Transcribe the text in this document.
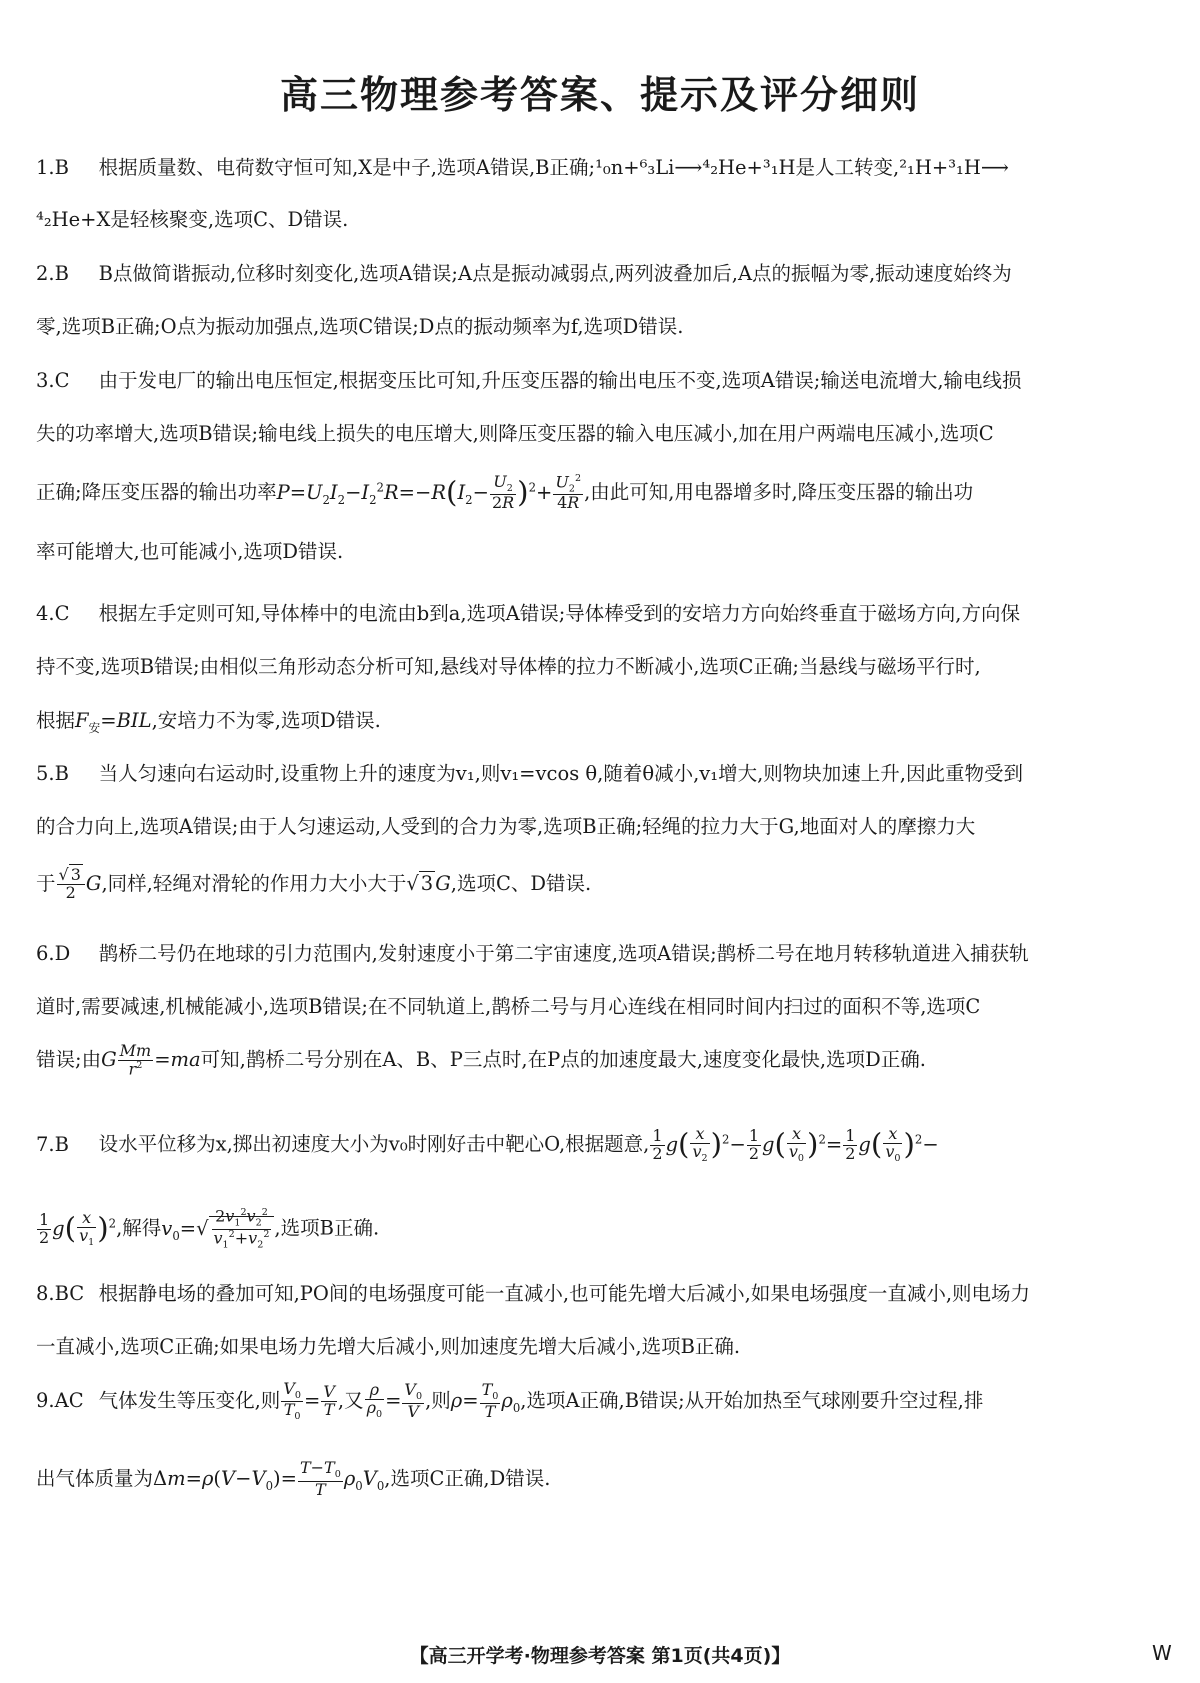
高三物理参考答案、提示及评分细则
1.B 根据质量数、电荷数守恒可知,X是中子,选项A错误,B正确;¹₀n+⁶₃Li⟶⁴₂He+³₁H是人工转变,²₁H+³₁H⟶
⁴₂He+X是轻核聚变,选项C、D错误.
2.B B点做简谐振动,位移时刻变化,选项A错误;A点是振动减弱点,两列波叠加后,A点的振幅为零,振动速度始终为
零,选项B正确;O点为振动加强点,选项C错误;D点的振动频率为f,选项D错误.
3.C 由于发电厂的输出电压恒定,根据变压比可知,升压变压器的输出电压不变,选项A错误;输送电流增大,输电线损
失的功率增大,选项B错误;输电线上损失的电压增大,则降压变压器的输入电压减小,加在用户两端电压减小,选项C
正确;降压变压器的输出功率$P=U_2I_2-I_2^2R=-R(I_2- \frac{U_2}{2R} )^2+ \frac{U_2^2}{4R}$ ,由此可知,用电器增多时,降压变压器的输出功
率可能增大,也可能减小,选项D错误.
4.C 根据左手定则可知,导体棒中的电流由b到a,选项A错误;导体棒受到的安培力方向始终垂直于磁场方向,方向保
持不变,选项B错误;由相似三角形动态分析可知,悬线对导体棒的拉力不断减小,选项C正确;当悬线与磁场平行时,
根据$F_安=BIL$,安培力不为零,选项D错误.
5.B 当人匀速向右运动时,设重物上升的速度为v₁,则v₁=vcos θ,随着θ减小,v₁增大,则物块加速上升,因此重物受到
的合力向上,选项A错误;由于人匀速运动,人受到的合力为零,选项B正确;轻绳的拉力大于G,地面对人的摩擦力大
于 $\frac{√ 3}{2} G$,同样,轻绳对滑轮的作用力大小大于√ 3 G,选项C、D错误.
6.D 鹊桥二号仍在地球的引力范围内,发射速度小于第二宇宙速度,选项A错误;鹊桥二号在地月转移轨道进入捕获轨
道时,需要减速,机械能减小,选项B错误;在不同轨道上,鹊桥二号与月心连线在相同时间内扫过的面积不等,选项C
错误;由G $\frac{Mm}{r^2} =ma$可知,鹊桥二号分别在A、B、P三点时,在P点的加速度最大,速度变化最快,选项D正确.
7.B 设水平位移为x,掷出初速度大小为v₀时刚好击中靶心O,根据题意, $\frac{1}{2} g( \frac{x}{v_2} )^2- \frac{1}{2} g( \frac{x}{v_0} )^2= \frac{1}{2} g( \frac{x}{v_0} )^2-$
$\frac{1}{2} g( \frac{x}{v_1} )^2$,解得$v_0=√ \frac{2v_1^2v_2^2}{v_1^2+v_2^2}$ ,选项B正确.
8.BC 根据静电场的叠加可知,PO间的电场强度可能一直减小,也可能先增大后减小,如果电场强度一直减小,则电场力
一直减小,选项C正确;如果电场力先增大后减小,则加速度先增大后减小,选项B正确.
9.AC 气体发生等压变化,则 $\frac{V_0}{T_0} = \frac{V}{T}$ ,又 $\frac{\rho}{\rho_0} = \frac{V_0}{V}$ ,则$\rho= \frac{T_0}{T} \rho_0$,选项A正确,B错误;从开始加热至气球刚要升空过程,排
出气体质量为$\Delta m=\rho(V-V_0)= \frac{T-T_0}{T} \rho_0V_0$,选项C正确,D错误.
【高三开学考·物理参考答案 第1页(共4页)】	W
